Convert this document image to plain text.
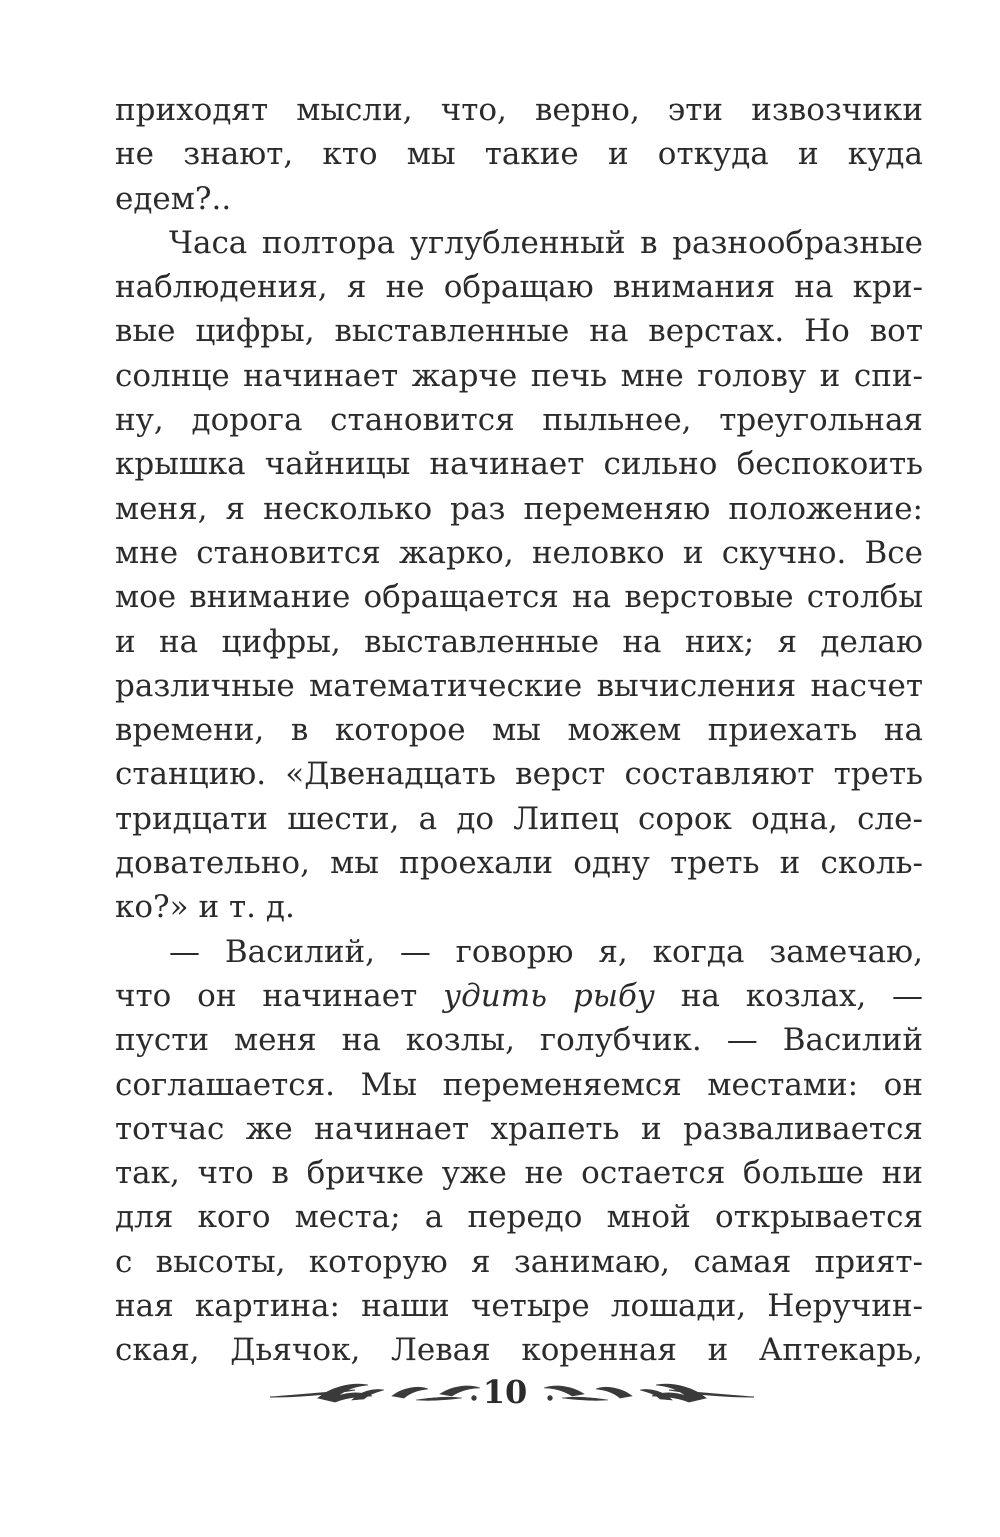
приходят мысли, что, верно, эти извозчики
не знают, кто мы такие и откуда и куда
едем?..
Часа полтора углубленный в разнообразные
наблюдения, я не обращаю внимания на кри-
вые цифры, выставленные на верстах. Но вот
солнце начинает жарче печь мне голову и спи-
ну, дорога становится пыльнее, треугольная
крышка чайницы начинает сильно беспокоить
меня, я несколько раз переменяю положение:
мне становится жарко, неловко и скучно. Все
мое внимание обращается на верстовые столбы
и на цифры, выставленные на них; я делаю
различные математические вычисления насчет
времени, в которое мы можем приехать на
станцию. «Двенадцать верст составляют треть
тридцати шести, а до Липец сорок одна, сле-
довательно, мы проехали одну треть и сколь-
ко?» и т. д.
— Василий, — говорю я, когда замечаю,
что он начинает удить рыбу на козлах, —
пусти меня на козлы, голубчик. — Василий
соглашается. Мы переменяемся местами: он
тотчас же начинает храпеть и разваливается
так, что в бричке уже не остается больше ни
для кого места; а передо мной открывается
с высоты, которую я занимаю, самая прият-
ная картина: наши четыре лошади, Неручин-
ская, Дьячок, Левая коренная и Аптекарь,
10
